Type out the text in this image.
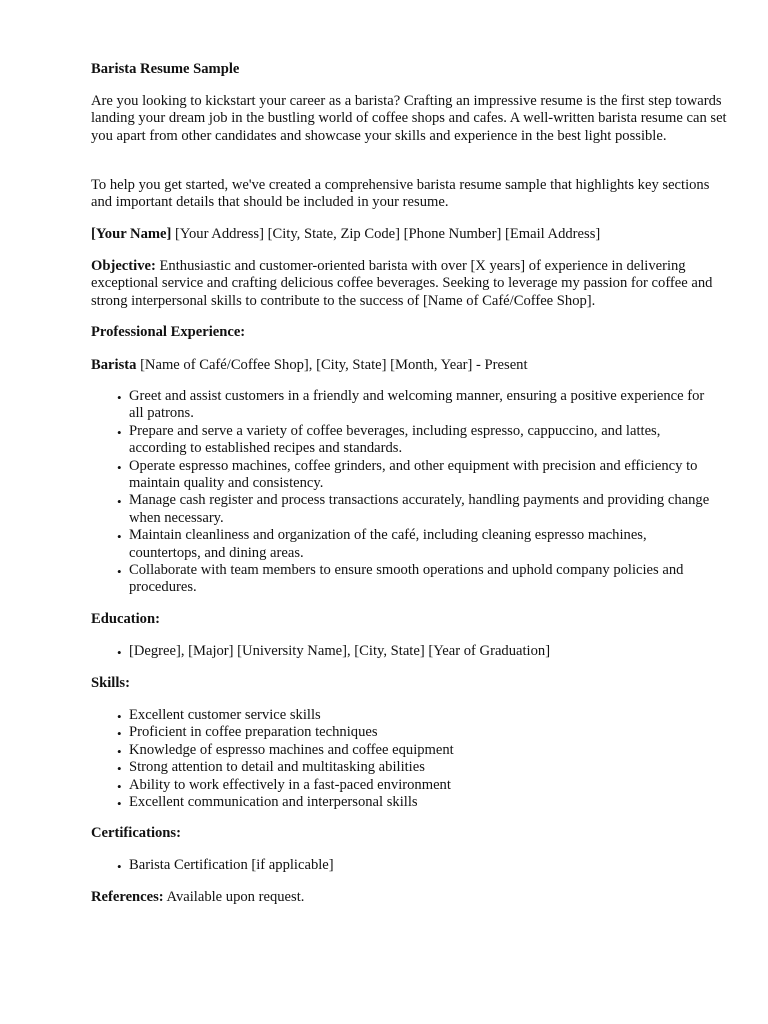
Barista Resume Sample

Are you looking to kickstart your career as a barista? Crafting an impressive resume is the first step towards landing your dream job in the bustling world of coffee shops and cafes. A well-written barista resume can set you apart from other candidates and showcase your skills and experience in the best light possible.

To help you get started, we've created a comprehensive barista resume sample that highlights key sections and important details that should be included in your resume.

[Your Name] [Your Address] [City, State, Zip Code] [Phone Number] [Email Address]

Objective: Enthusiastic and customer-oriented barista with over [X years] of experience in delivering exceptional service and crafting delicious coffee beverages. Seeking to leverage my passion for coffee and strong interpersonal skills to contribute to the success of [Name of Café/Coffee Shop].

Professional Experience:

Barista [Name of Café/Coffee Shop], [City, State] [Month, Year] - Present

• Greet and assist customers in a friendly and welcoming manner, ensuring a positive experience for all patrons.
• Prepare and serve a variety of coffee beverages, including espresso, cappuccino, and lattes, according to established recipes and standards.
• Operate espresso machines, coffee grinders, and other equipment with precision and efficiency to maintain quality and consistency.
• Manage cash register and process transactions accurately, handling payments and providing change when necessary.
• Maintain cleanliness and organization of the café, including cleaning espresso machines, countertops, and dining areas.
• Collaborate with team members to ensure smooth operations and uphold company policies and procedures.

Education:

• [Degree], [Major] [University Name], [City, State] [Year of Graduation]

Skills:

• Excellent customer service skills
• Proficient in coffee preparation techniques
• Knowledge of espresso machines and coffee equipment
• Strong attention to detail and multitasking abilities
• Ability to work effectively in a fast-paced environment
• Excellent communication and interpersonal skills

Certifications:

• Barista Certification [if applicable]

References: Available upon request.
